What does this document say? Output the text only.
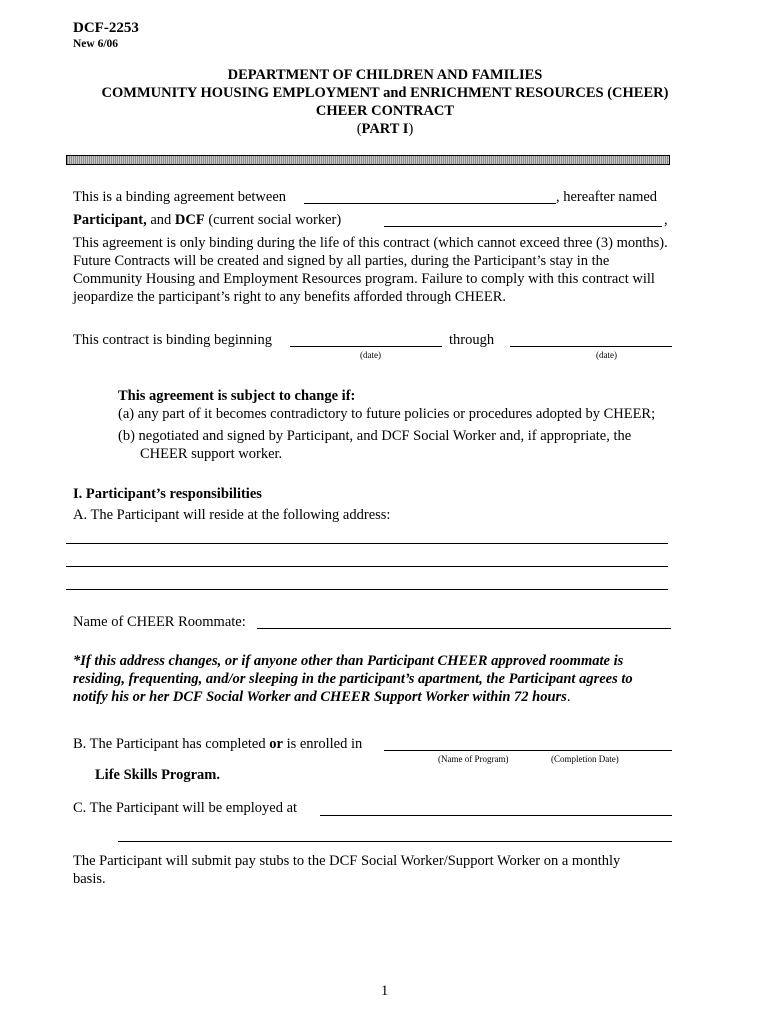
DCF-2253
New 6/06
DEPARTMENT OF CHILDREN AND FAMILIES
COMMUNITY HOUSING EMPLOYMENT and ENRICHMENT RESOURCES (CHEER)
CHEER CONTRACT
(PART I)
This is a binding agreement between	, hereafter named
Participant, and DCF (current social worker)	,
This agreement is only binding during the life of this contract (which cannot exceed three (3) months).
Future Contracts will be created and signed by all parties, during the Participant’s stay in the
Community Housing and Employment Resources program. Failure to comply with this contract will
jeopardize the participant’s right to any benefits afforded through CHEER.
This contract is binding beginning	through
(date)	(date)
This agreement is subject to change if:
(a) any part of it becomes contradictory to future policies or procedures adopted by CHEER;
(b) negotiated and signed by Participant, and DCF Social Worker and, if appropriate, the
CHEER support worker.
I. Participant’s responsibilities
A. The Participant will reside at the following address:
Name of CHEER Roommate:
*If this address changes, or if anyone other than Participant CHEER approved roommate is
residing, frequenting, and/or sleeping in the participant’s apartment, the Participant agrees to
notify his or her DCF Social Worker and CHEER Support Worker within 72 hours.
B. The Participant has completed or is enrolled in
(Name of Program)	(Completion Date)
Life Skills Program.
C. The Participant will be employed at
The Participant will submit pay stubs to the DCF Social Worker/Support Worker on a monthly
basis.
1
